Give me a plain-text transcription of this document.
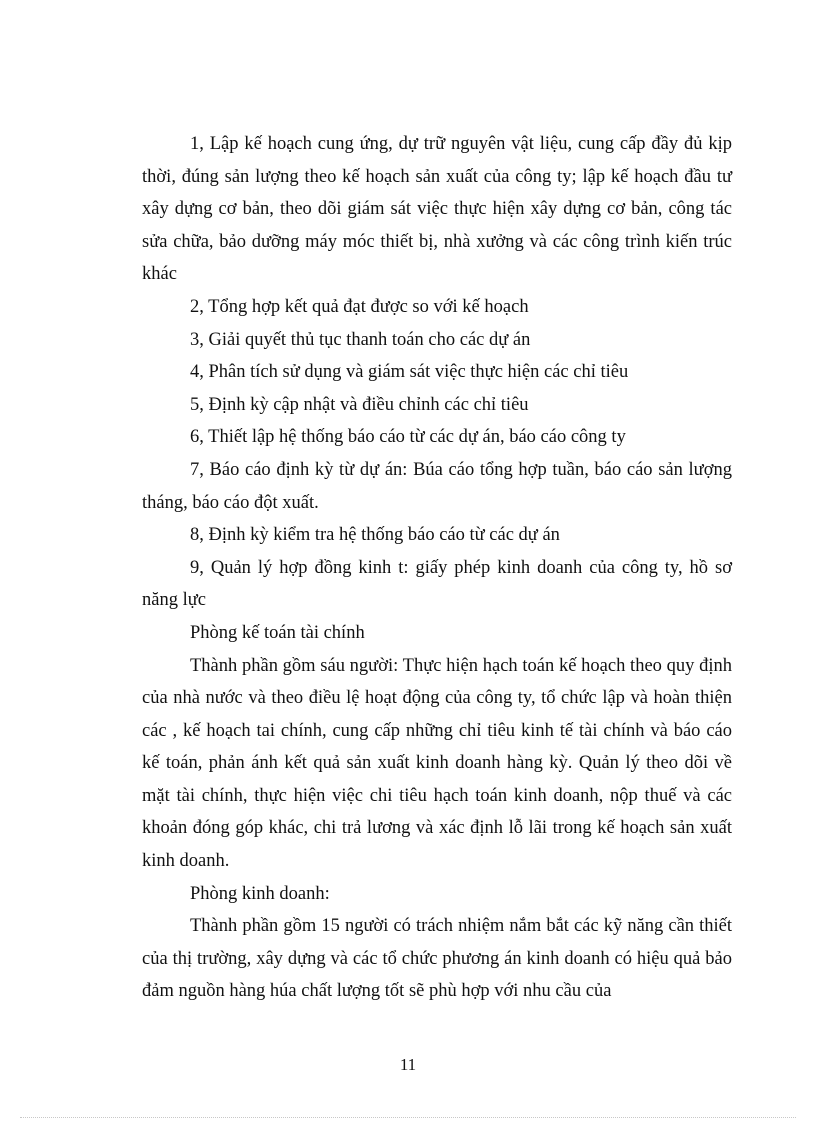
1, Lập kế hoạch cung ứng, dự trữ nguyên vật liệu, cung cấp đầy đủ kịp thời, đúng sản lượng theo kế hoạch sản xuất của công ty; lập kế hoạch đầu tư xây dựng cơ bản, theo dõi giám sát việc thực hiện xây dựng cơ bản, công tác sửa chữa, bảo dưỡng máy móc thiết bị, nhà xưởng và các công trình kiến trúc khác

2, Tổng hợp kết quả đạt được so với kế hoạch

3, Giải quyết thủ tục thanh toán cho các dự án

4, Phân tích sử dụng và giám sát việc thực hiện các chỉ tiêu

5, Định kỳ cập nhật và điều chỉnh các chỉ tiêu

6, Thiết lập hệ thống báo cáo từ các dự án, báo cáo công ty

7, Báo cáo định kỳ từ dự án: Búa cáo tổng hợp tuần, báo cáo sản lượng tháng, báo cáo đột xuất.

8, Định kỳ kiểm tra hệ thống báo cáo từ các dự án

9, Quản lý hợp đồng kinh t: giấy phép kinh doanh của công ty, hồ sơ năng lực

Phòng kế toán tài chính

Thành phần gồm sáu người: Thực hiện hạch toán kế hoạch theo quy định của nhà nước và theo điều lệ hoạt động của công ty, tổ chức lập và hoàn thiện các , kế hoạch tai chính, cung cấp những chỉ tiêu kinh tế tài chính và báo cáo kế toán, phản ánh kết quả sản xuất kinh doanh hàng kỳ. Quản lý theo dõi về mặt tài chính, thực hiện việc chi tiêu hạch toán kinh doanh, nộp thuế và các khoản đóng góp khác, chi trả lương và xác định lỗ lãi trong kế hoạch sản xuất kinh doanh.

Phòng kinh doanh:

Thành phần gồm 15 người có trách nhiệm nắm bắt các kỹ năng cần thiết của thị trường, xây dựng và các tổ chức phương án kinh doanh có hiệu quả bảo đảm nguồn hàng húa chất lượng tốt sẽ phù hợp với nhu cầu của

11
